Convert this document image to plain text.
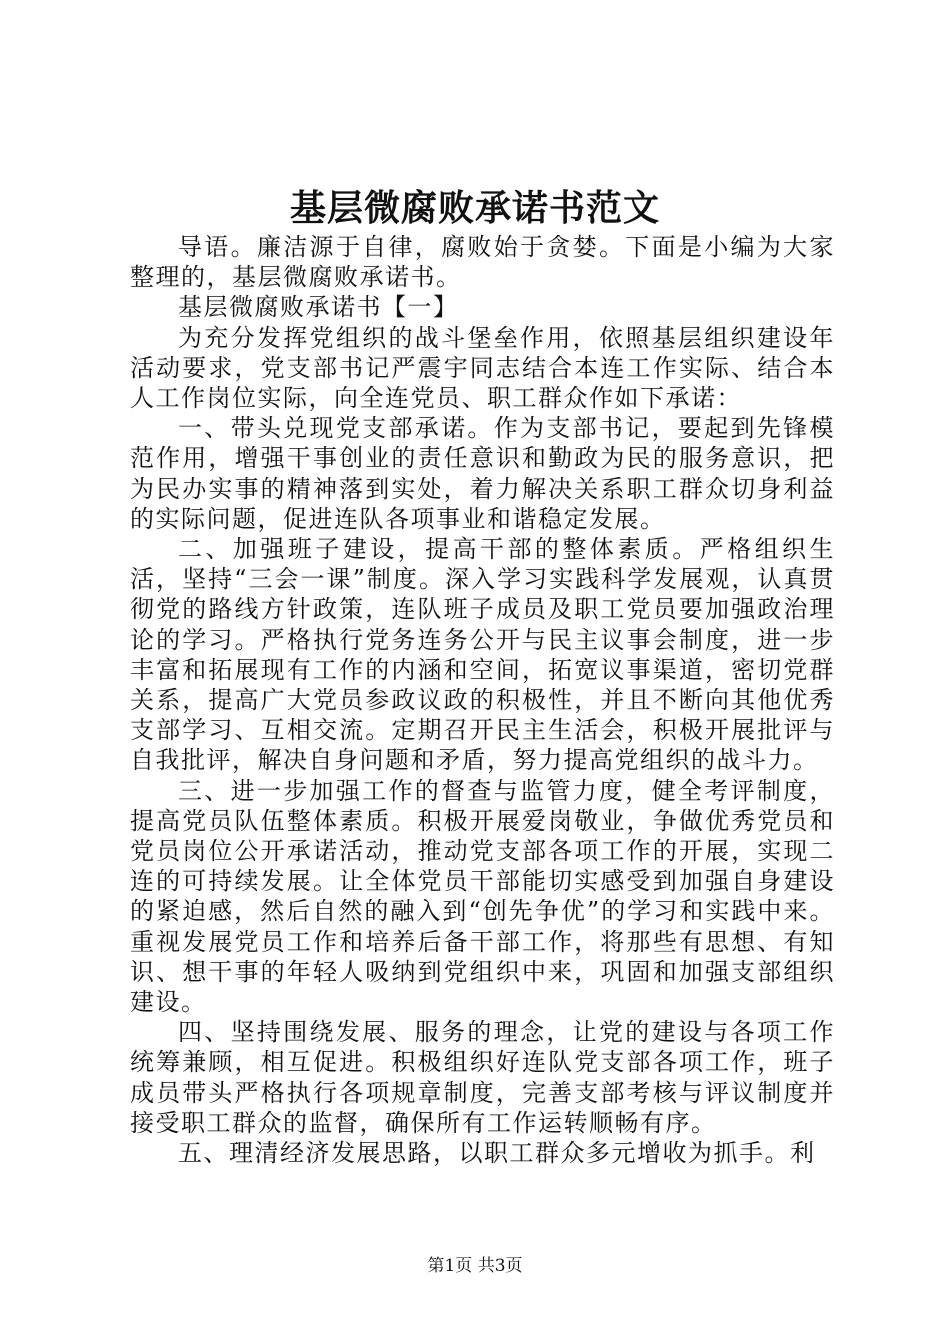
基层微腐败承诺书范文

导语。廉洁源于自律，腐败始于贪婪。下面是小编为大家整理的，基层微腐败承诺书。

基层微腐败承诺书【一】

为充分发挥党组织的战斗堡垒作用，依照基层组织建设年活动要求，党支部书记严震宇同志结合本连工作实际、结合本人工作岗位实际，向全连党员、职工群众作如下承诺：

一、带头兑现党支部承诺。作为支部书记，要起到先锋模范作用，增强干事创业的责任意识和勤政为民的服务意识，把为民办实事的精神落到实处，着力解决关系职工群众切身利益的实际问题，促进连队各项事业和谐稳定发展。

二、加强班子建设，提高干部的整体素质。严格组织生活，坚持“三会一课”制度。深入学习实践科学发展观，认真贯彻党的路线方针政策，连队班子成员及职工党员要加强政治理论的学习。严格执行党务连务公开与民主议事会制度，进一步丰富和拓展现有工作的内涵和空间，拓宽议事渠道，密切党群关系，提高广大党员参政议政的积极性，并且不断向其他优秀支部学习、互相交流。定期召开民主生活会，积极开展批评与自我批评，解决自身问题和矛盾，努力提高党组织的战斗力。

三、进一步加强工作的督查与监管力度，健全考评制度，提高党员队伍整体素质。积极开展爱岗敬业，争做优秀党员和党员岗位公开承诺活动，推动党支部各项工作的开展，实现二连的可持续发展。让全体党员干部能切实感受到加强自身建设的紧迫感，然后自然的融入到“创先争优”的学习和实践中来。重视发展党员工作和培养后备干部工作，将那些有思想、有知识、想干事的年轻人吸纳到党组织中来，巩固和加强支部组织建设。

四、坚持围绕发展、服务的理念，让党的建设与各项工作统筹兼顾，相互促进。积极组织好连队党支部各项工作，班子成员带头严格执行各项规章制度，完善支部考核与评议制度并接受职工群众的监督，确保所有工作运转顺畅有序。

五、理清经济发展思路，以职工群众多元增收为抓手。利

第1页 共3页
